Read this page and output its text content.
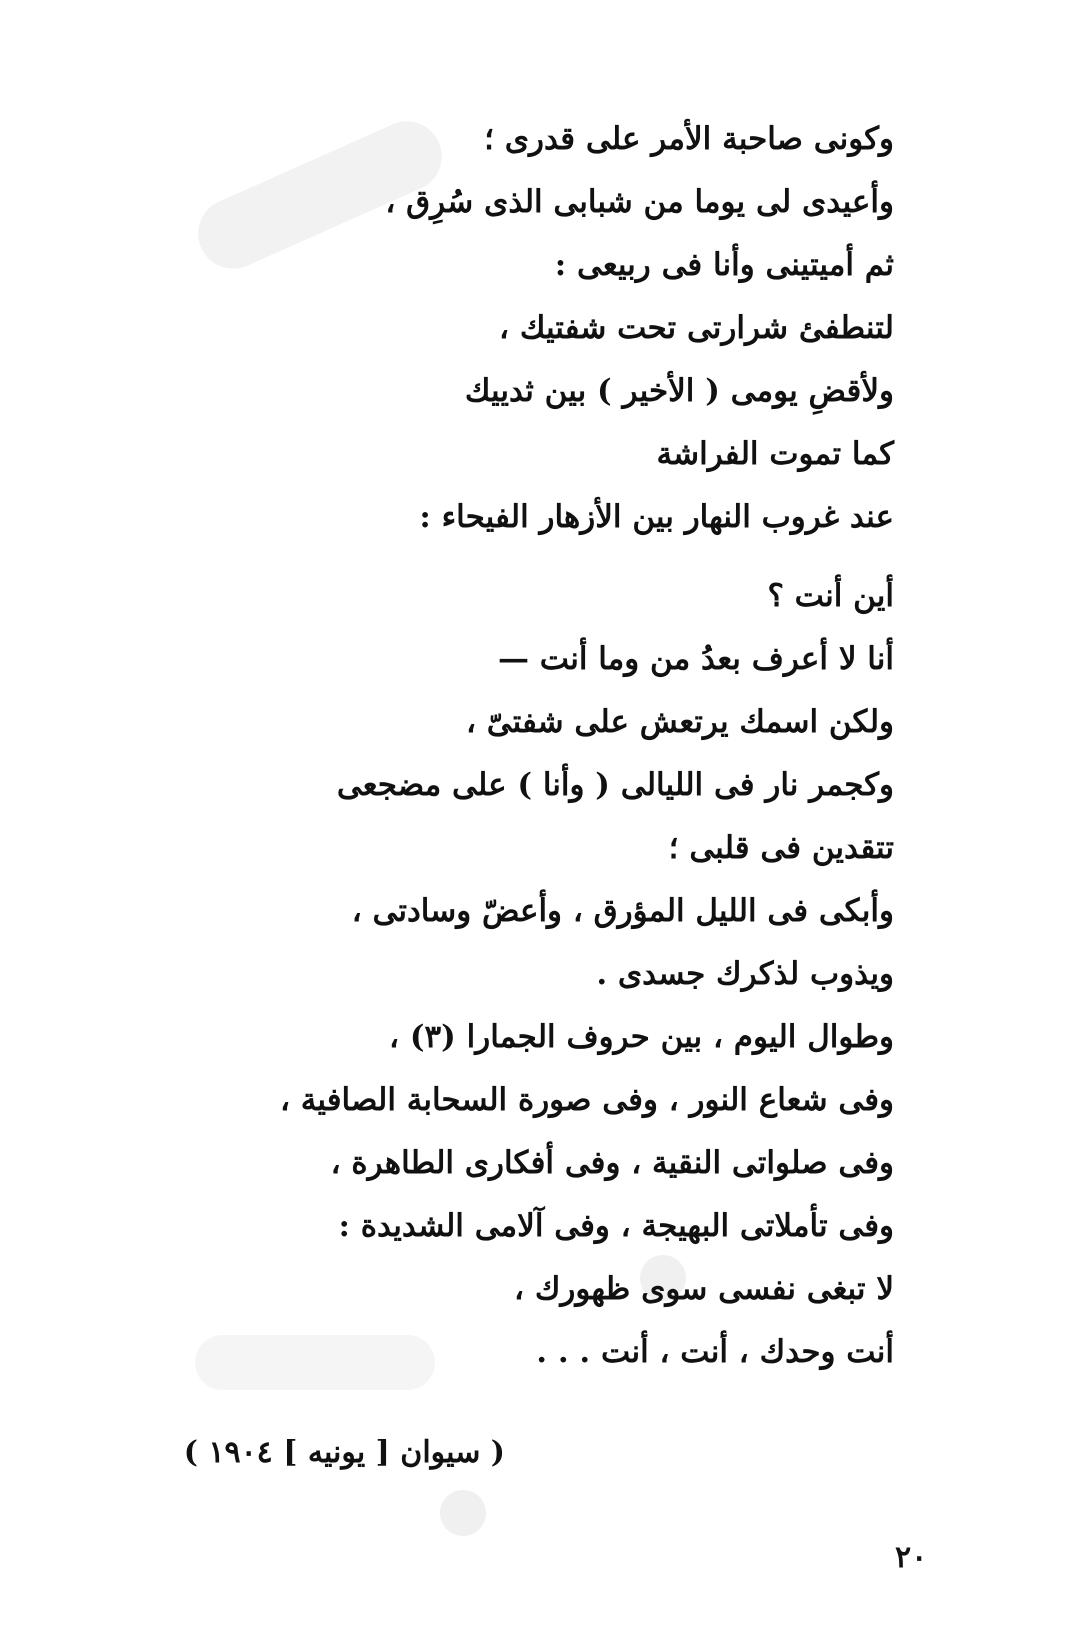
وكونى صاحبة الأمر على قدرى ؛
وأعيدى لى يوما من شبابى الذى سُرِق ،
ثم أميتينى وأنا فى ربيعى :
لتنطفئ شرارتى تحت شفتيك ،
ولأقضِ يومى ( الأخير ) بين ثدييك
كما تموت الفراشة
عند غروب النهار بين الأزهار الفيحاء :
أين أنت ؟
أنا لا أعرف بعدُ من وما أنت —
ولكن اسمك يرتعش على شفتىّ ،
وكجمر نار فى الليالى ( وأنا ) على مضجعى
تتقدين فى قلبى ؛
وأبكى فى الليل المؤرق ، وأعضّ وسادتى ،
ويذوب لذكرك جسدى .
وطوال اليوم ، بين حروف الجمارا (٣) ،
وفى شعاع النور ، وفى صورة السحابة الصافية ،
وفى صلواتى النقية ، وفى أفكارى الطاهرة ،
وفى تأملاتى البهيجة ، وفى آلامى الشديدة :
لا تبغى نفسى سوى ظهورك ،
أنت وحدك ، أنت ، أنت . . .
( سيوان [ يونيه ] ١٩٠٤ )
٢٠
